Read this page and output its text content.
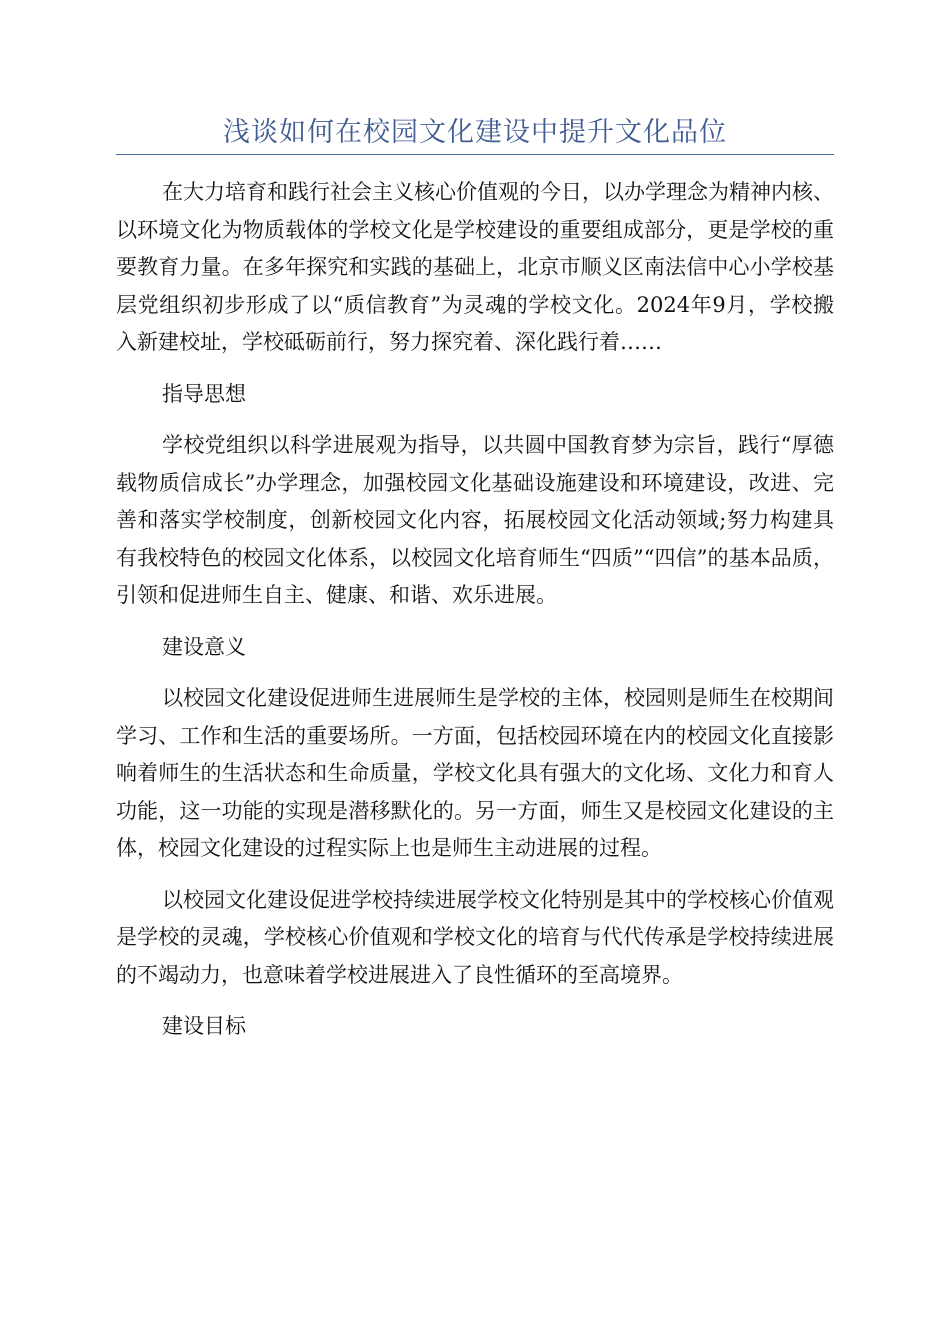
浅谈如何在校园文化建设中提升文化品位

在大力培育和践行社会主义核心价值观的今日，以办学理念为精神内核、以环境文化为物质载体的学校文化是学校建设的重要组成部分，更是学校的重要教育力量。在多年探究和实践的基础上，北京市顺义区南法信中心小学校基层党组织初步形成了以“质信教育”为灵魂的学校文化。2024年9月，学校搬入新建校址，学校砥砺前行，努力探究着、深化践行着……

指导思想

学校党组织以科学进展观为指导，以共圆中国教育梦为宗旨，践行“厚德载物质信成长”办学理念，加强校园文化基础设施建设和环境建设，改进、完善和落实学校制度，创新校园文化内容，拓展校园文化活动领域;努力构建具有我校特色的校园文化体系，以校园文化培育师生“四质”“四信”的基本品质，引领和促进师生自主、健康、和谐、欢乐进展。

建设意义

以校园文化建设促进师生进展师生是学校的主体，校园则是师生在校期间学习、工作和生活的重要场所。一方面，包括校园环境在内的校园文化直接影响着师生的生活状态和生命质量，学校文化具有强大的文化场、文化力和育人功能，这一功能的实现是潜移默化的。另一方面，师生又是校园文化建设的主体，校园文化建设的过程实际上也是师生主动进展的过程。

以校园文化建设促进学校持续进展学校文化特别是其中的学校核心价值观是学校的灵魂，学校核心价值观和学校文化的培育与代代传承是学校持续进展的不竭动力，也意味着学校进展进入了良性循环的至高境界。

建设目标
